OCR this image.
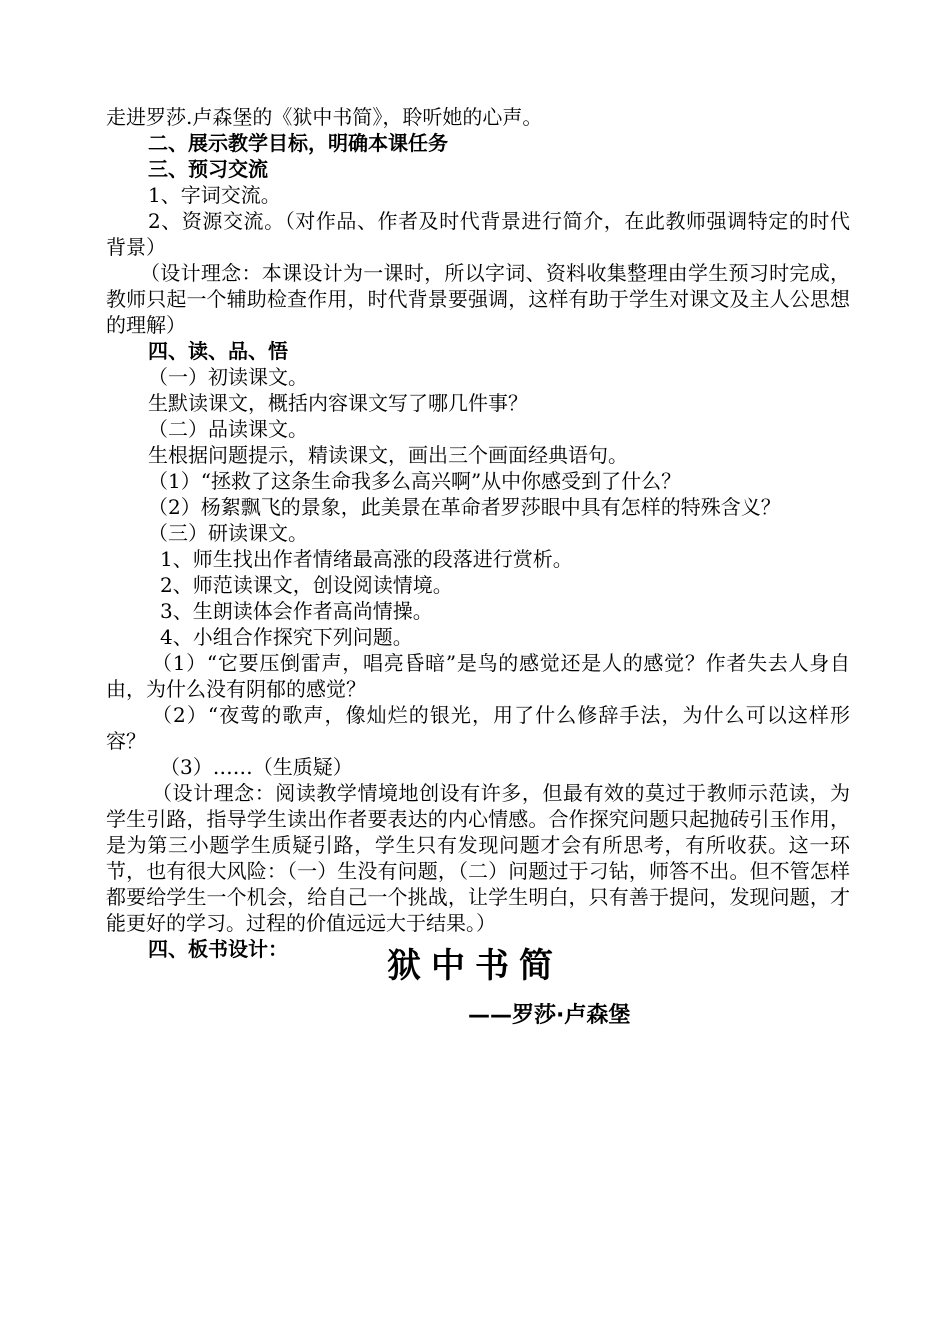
走进罗莎.卢森堡的《狱中书简》，聆听她的心声。
二、展示教学目标，明确本课任务
三、预习交流
1、字词交流。
2、资源交流。（对作品、作者及时代背景进行简介，在此教师强调特定的时代背景）
（设计理念：本课设计为一课时，所以字词、资料收集整理由学生预习时完成，教师只起一个辅助检查作用，时代背景要强调，这样有助于学生对课文及主人公思想的理解）
四、读、品、悟
（一）初读课文。
生默读课文，概括内容课文写了哪几件事？
（二）品读课文。
生根据问题提示，精读课文，画出三个画面经典语句。
（1）“拯救了这条生命我多么高兴啊”从中你感受到了什么？
（2）杨絮飘飞的景象，此美景在革命者罗莎眼中具有怎样的特殊含义？
（三）研读课文。
1、师生找出作者情绪最高涨的段落进行赏析。
2、师范读课文，创设阅读情境。
3、生朗读体会作者高尚情操。
4、小组合作探究下列问题。
（1）“它要压倒雷声，唱亮昏暗”是鸟的感觉还是人的感觉？作者失去人身自由，为什么没有阴郁的感觉？
（2）“夜莺的歌声，像灿烂的银光，用了什么修辞手法，为什么可以这样形容？
（3）……（生质疑）
（设计理念：阅读教学情境地创设有许多，但最有效的莫过于教师示范读，为学生引路，指导学生读出作者要表达的内心情感。合作探究问题只起抛砖引玉作用，是为第三小题学生质疑引路，学生只有发现问题才会有所思考，有所收获。这一环节，也有很大风险：（一）生没有问题，（二）问题过于刁钻，师答不出。但不管怎样都要给学生一个机会，给自己一个挑战，让学生明白，只有善于提问，发现问题，才能更好的学习。过程的价值远远大于结果。）
四、板书设计：	狱中书简
——罗莎·卢森堡
